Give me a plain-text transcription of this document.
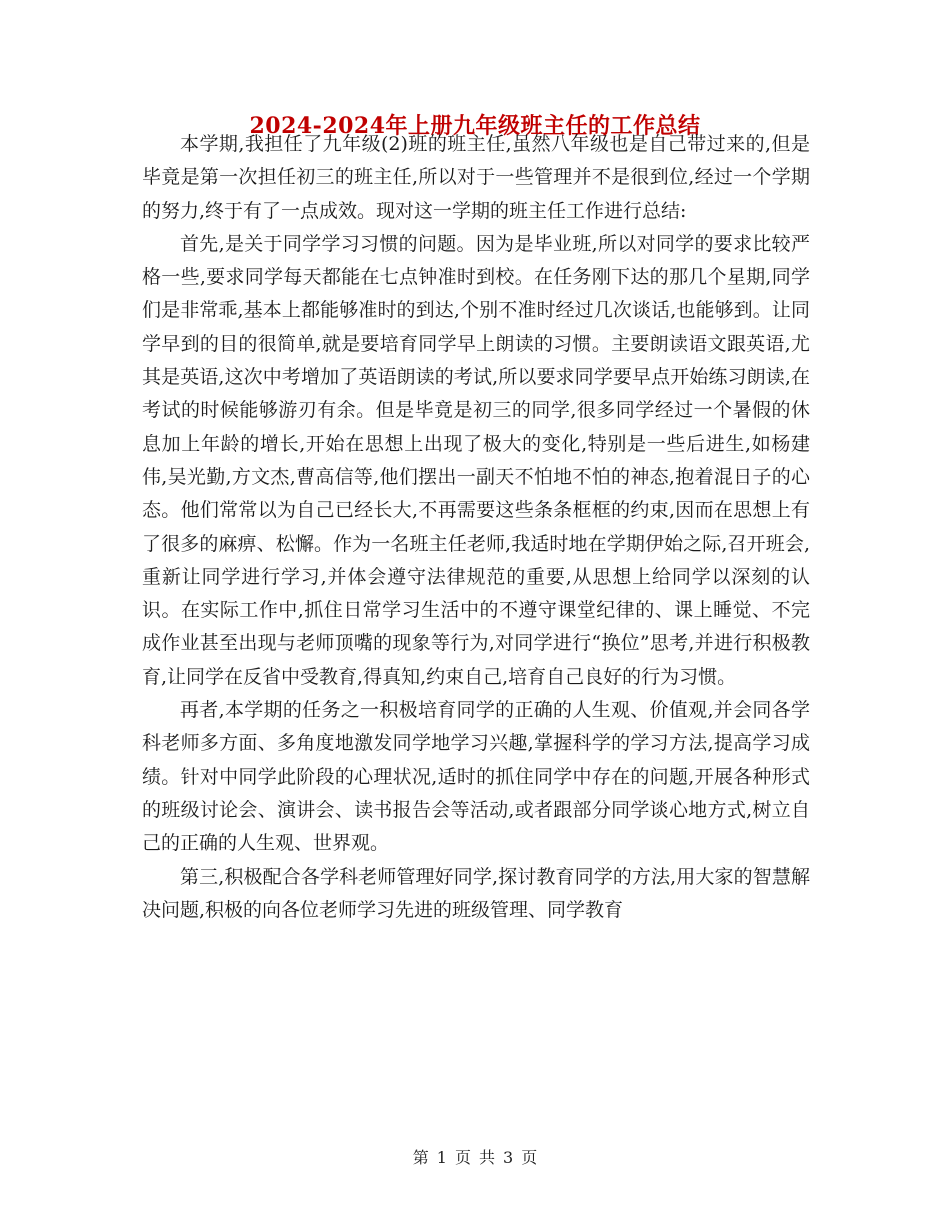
2024-2024年上册九年级班主任的工作总结

本学期,我担任了九年级(2)班的班主任,虽然八年级也是自己带过来的,但是毕竟是第一次担任初三的班主任,所以对于一些管理并不是很到位,经过一个学期的努力,终于有了一点成效。现对这一学期的班主任工作进行总结:

首先,是关于同学学习习惯的问题。因为是毕业班,所以对同学的要求比较严格一些,要求同学每天都能在七点钟准时到校。在任务刚下达的那几个星期,同学们是非常乖,基本上都能够准时的到达,个别不准时经过几次谈话,也能够到。让同学早到的目的很简单,就是要培育同学早上朗读的习惯。主要朗读语文跟英语,尤其是英语,这次中考增加了英语朗读的考试,所以要求同学要早点开始练习朗读,在考试的时候能够游刃有余。但是毕竟是初三的同学,很多同学经过一个暑假的休息加上年龄的增长,开始在思想上出现了极大的变化,特别是一些后进生,如杨建伟,吴光勤,方文杰,曹高信等,他们摆出一副天不怕地不怕的神态,抱着混日子的心态。他们常常以为自己已经长大,不再需要这些条条框框的约束,因而在思想上有了很多的麻痹、松懈。作为一名班主任老师,我适时地在学期伊始之际,召开班会,重新让同学进行学习,并体会遵守法律规范的重要,从思想上给同学以深刻的认识。在实际工作中,抓住日常学习生活中的不遵守课堂纪律的、课上睡觉、不完成作业甚至出现与老师顶嘴的现象等行为,对同学进行“换位”思考,并进行积极教育,让同学在反省中受教育,得真知,约束自己,培育自己良好的行为习惯。

再者,本学期的任务之一积极培育同学的正确的人生观、价值观,并会同各学科老师多方面、多角度地激发同学地学习兴趣,掌握科学的学习方法,提高学习成绩。针对中同学此阶段的心理状况,适时的抓住同学中存在的问题,开展各种形式的班级讨论会、演讲会、读书报告会等活动,或者跟部分同学谈心地方式,树立自己的正确的人生观、世界观。

第三,积极配合各学科老师管理好同学,探讨教育同学的方法,用大家的智慧解决问题,积极的向各位老师学习先进的班级管理、同学教育

第 1 页 共 3 页
